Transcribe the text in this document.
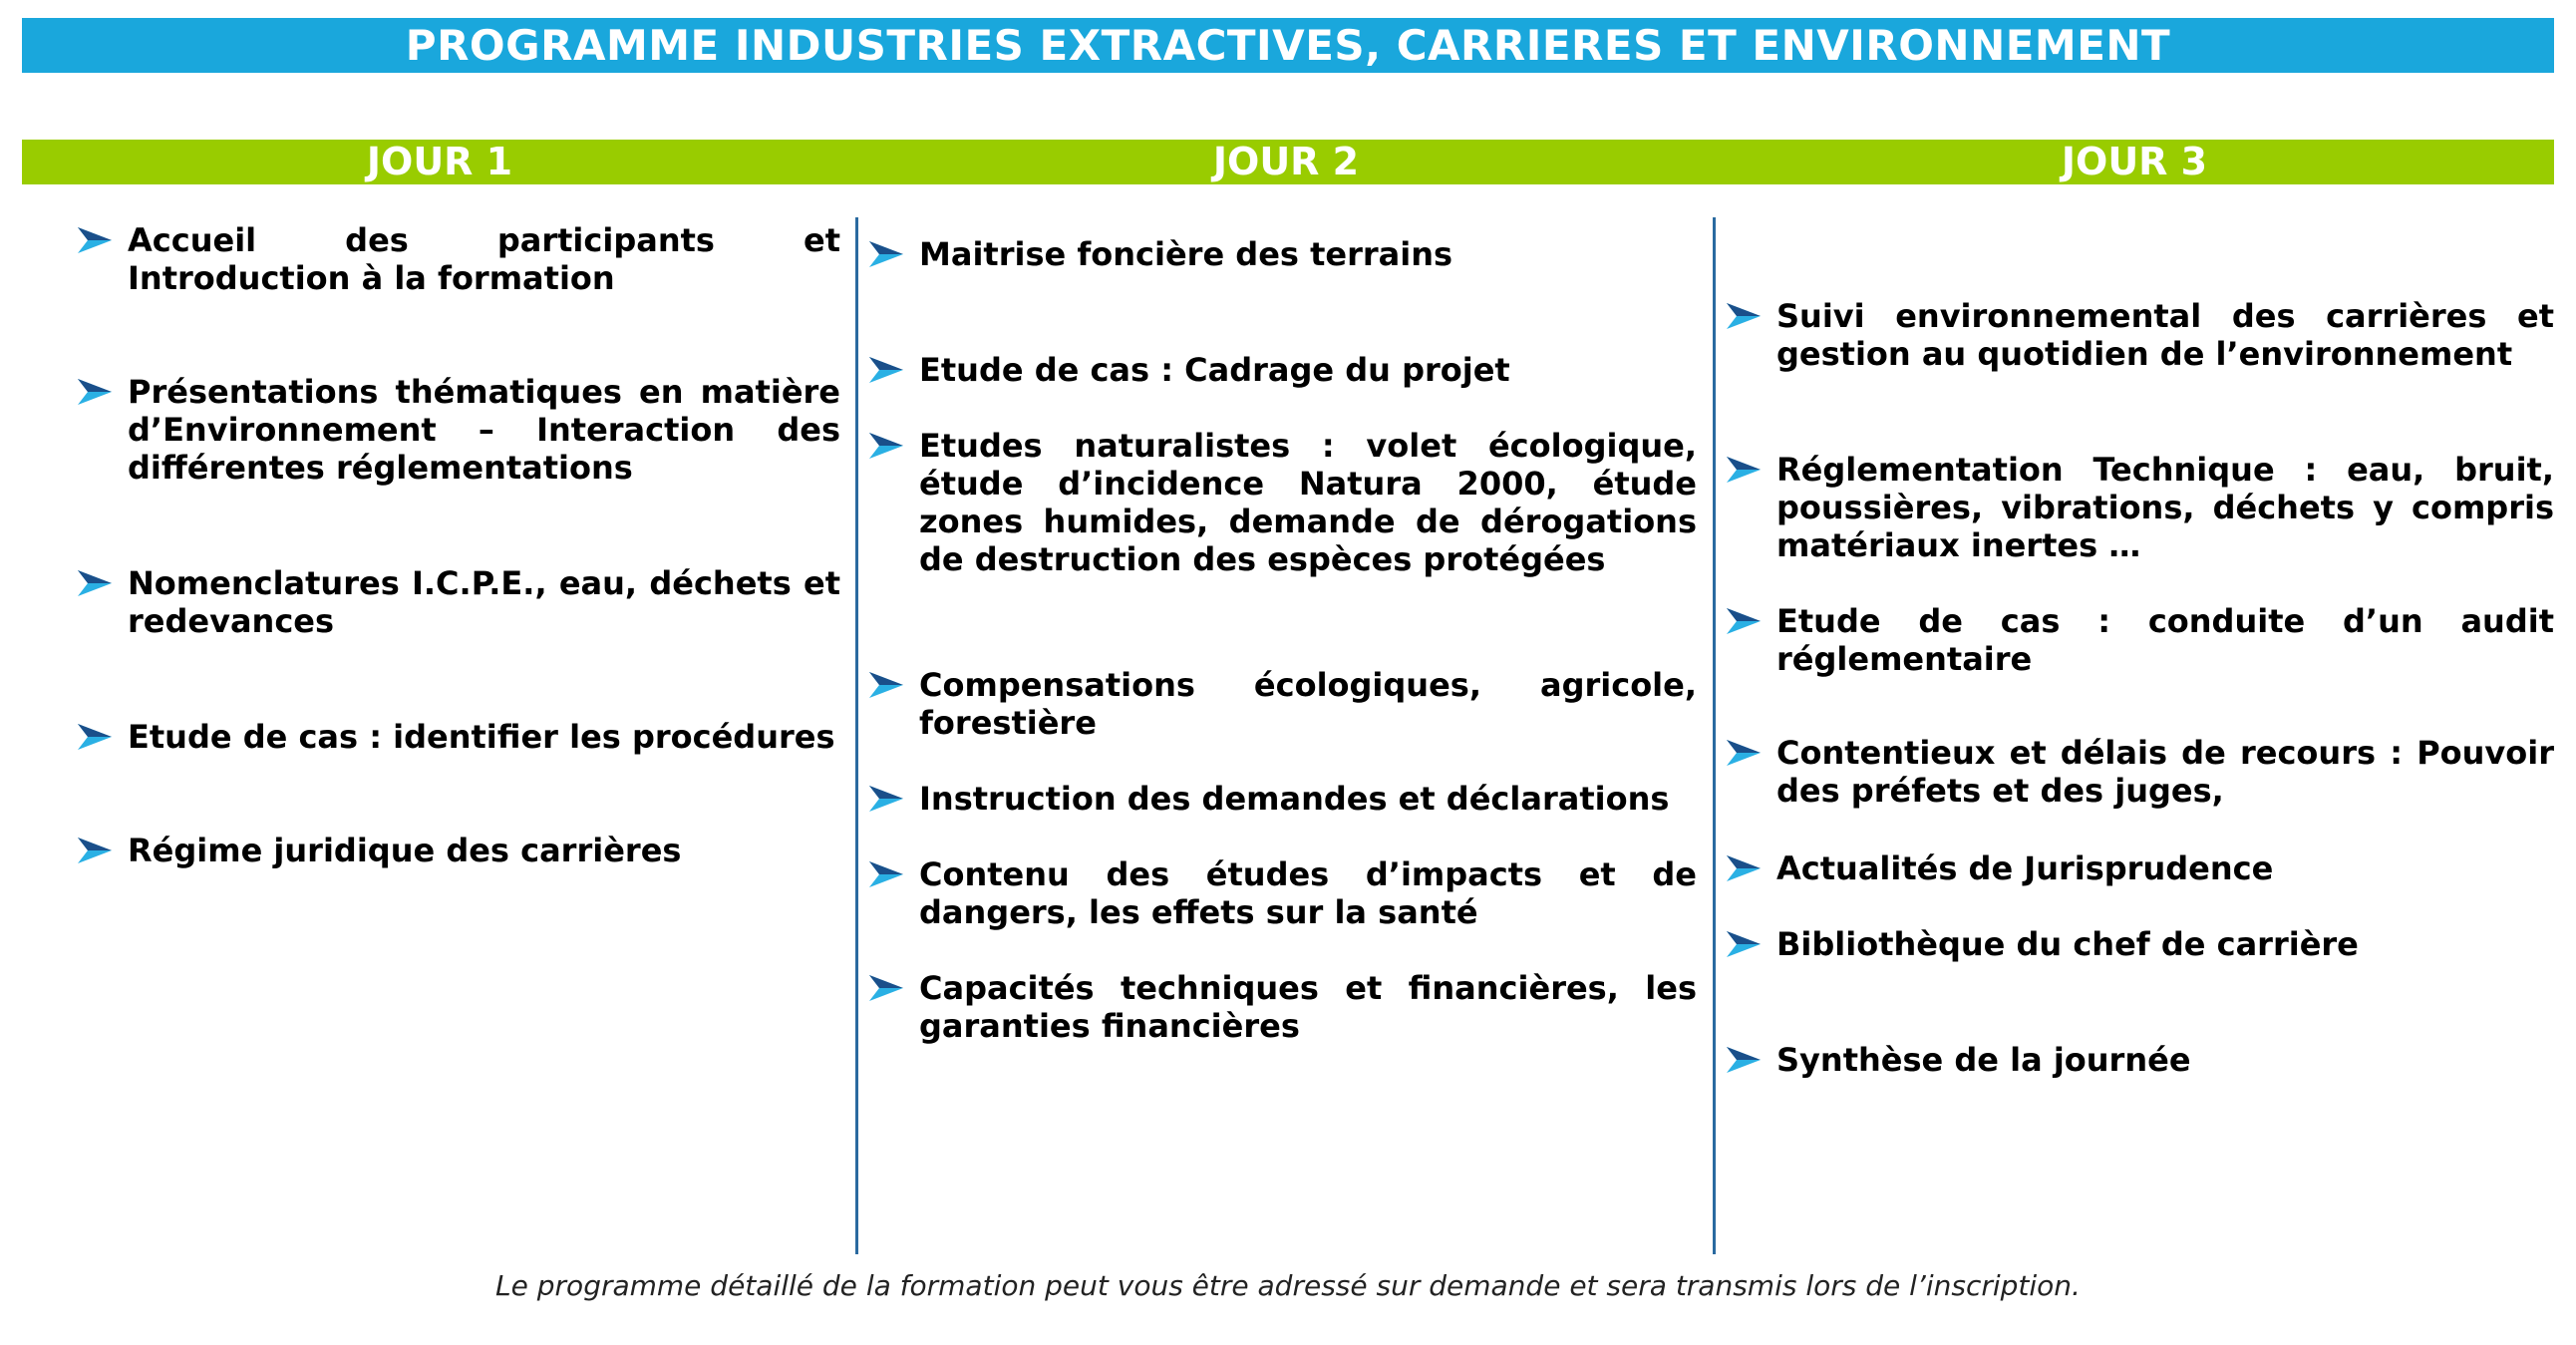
PROGRAMME INDUSTRIES EXTRACTIVES, CARRIERES ET ENVIRONNEMENT
JOUR 1	JOUR 2	JOUR 3
Accueil des participants et Introduction à la formation
Présentations thématiques en matière d’Environnement – Interaction des différentes réglementations
Nomenclatures I.C.P.E., eau, déchets et redevances
Etude de cas : identifier les procédures
Régime juridique des carrières
Maitrise foncière des terrains
Etude de cas : Cadrage du projet
Etudes naturalistes : volet écologique, étude d’incidence Natura 2000, étude zones humides, demande de dérogations de destruction des espèces protégées
Compensations écologiques, agricole, forestière
Instruction des demandes et déclarations
Contenu des études d’impacts et de dangers, les effets sur la santé
Capacités techniques et financières, les garanties financières
Suivi environnemental des carrières et gestion au quotidien de l’environnement
Réglementation Technique : eau, bruit, poussières, vibrations, déchets y compris matériaux inertes …
Etude de cas : conduite d’un audit réglementaire
Contentieux et délais de recours : Pouvoir des préfets et des juges,
Actualités de Jurisprudence
Bibliothèque du chef de carrière
Synthèse de la journée
Le programme détaillé de la formation peut vous être adressé sur demande et sera transmis lors de l’inscription.
